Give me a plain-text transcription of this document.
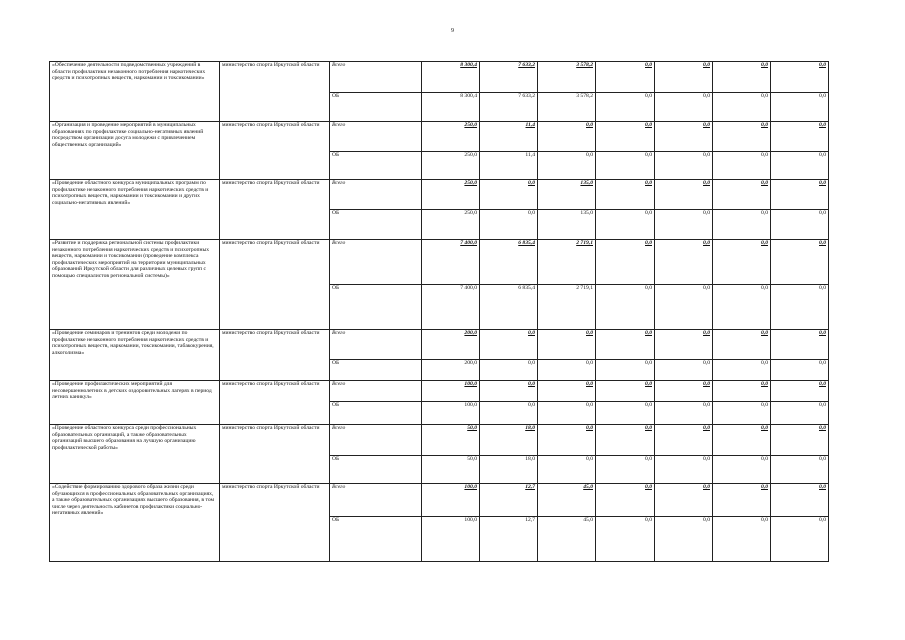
9
«Обеспечение деятельности подведомственных учреждений в области профилактики незаконного потребления наркотических средств и психотропных веществ, наркомании и токсикомании»	министерство спорта Иркутской области	Всего	8 300,4	7 633,2	3 578,2	0,0	0,0	0,0	0,0
		ОБ	8 300,4	7 633,2	3 578,2	0,0	0,0	0,0	0,0
«Организация и проведение мероприятий в муниципальных образованиях по профилактике социально-негативных явлений посредством организации досуга молодежи с привлечением общественных организаций»	министерство спорта Иркутской области	Всего	250,0	11,4	0,0	0,0	0,0	0,0	0,0
		ОБ	250,0	11,4	0,0	0,0	0,0	0,0	0,0
«Проведение областного конкурса муниципальных программ по профилактике незаконного потребления наркотических средств и психотропных веществ, наркомании и токсикомании и других социально-негативных явлений»	министерство спорта Иркутской области	Всего	250,0	0,0	135,0	0,0	0,0	0,0	0,0
		ОБ	250,0	0,0	135,0	0,0	0,0	0,0	0,0
«Развитие и поддержка региональной системы профилактики незаконного потребления наркотических средств и психотропных веществ, наркомании и токсикомании (проведение комплекса профилактических мероприятий на территории муниципальных образований Иркутской области для различных целевых групп с помощью специалистов региональной системы)»	министерство спорта Иркутской области	Всего	7 400,0	6 835,4	2 719,1	0,0	0,0	0,0	0,0
		ОБ	7 400,0	6 835,4	2 719,1	0,0	0,0	0,0	0,0
«Проведение семинаров и тренингов среди молодежи по профилактике незаконного потребления наркотических средств и психотропных веществ, наркомании, токсикомании, табакокурения, алкоголизма»	министерство спорта Иркутской области	Всего	200,0	0,0	0,0	0,0	0,0	0,0	0,0
		ОБ	200,0	0,0	0,0	0,0	0,0	0,0	0,0
«Проведение профилактических мероприятий для несовершеннолетних в детских оздоровительных лагерях в период летних каникул»	министерство спорта Иркутской области	Всего	100,0	0,0	0,0	0,0	0,0	0,0	0,0
		ОБ	100,0	0,0	0,0	0,0	0,0	0,0	0,0
«Проведение областного конкурса среди профессиональных образовательных организаций, а также образовательных организаций высшего образования на лучшую организацию профилактической работы»	министерство спорта Иркутской области	Всего	50,0	18,0	0,0	0,0	0,0	0,0	0,0
		ОБ	50,0	18,0	0,0	0,0	0,0	0,0	0,0
«Содействие формированию здорового образа жизни среди обучающихся в профессиональных образовательных организациях, а также образовательных организациях высшего образования, в том числе через деятельность кабинетов профилактики социально-негативных явлений»	министерство спорта Иркутской области	Всего	100,0	12,7	45,0	0,0	0,0	0,0	0,0
		ОБ	100,0	12,7	45,0	0,0	0,0	0,0	0,0
